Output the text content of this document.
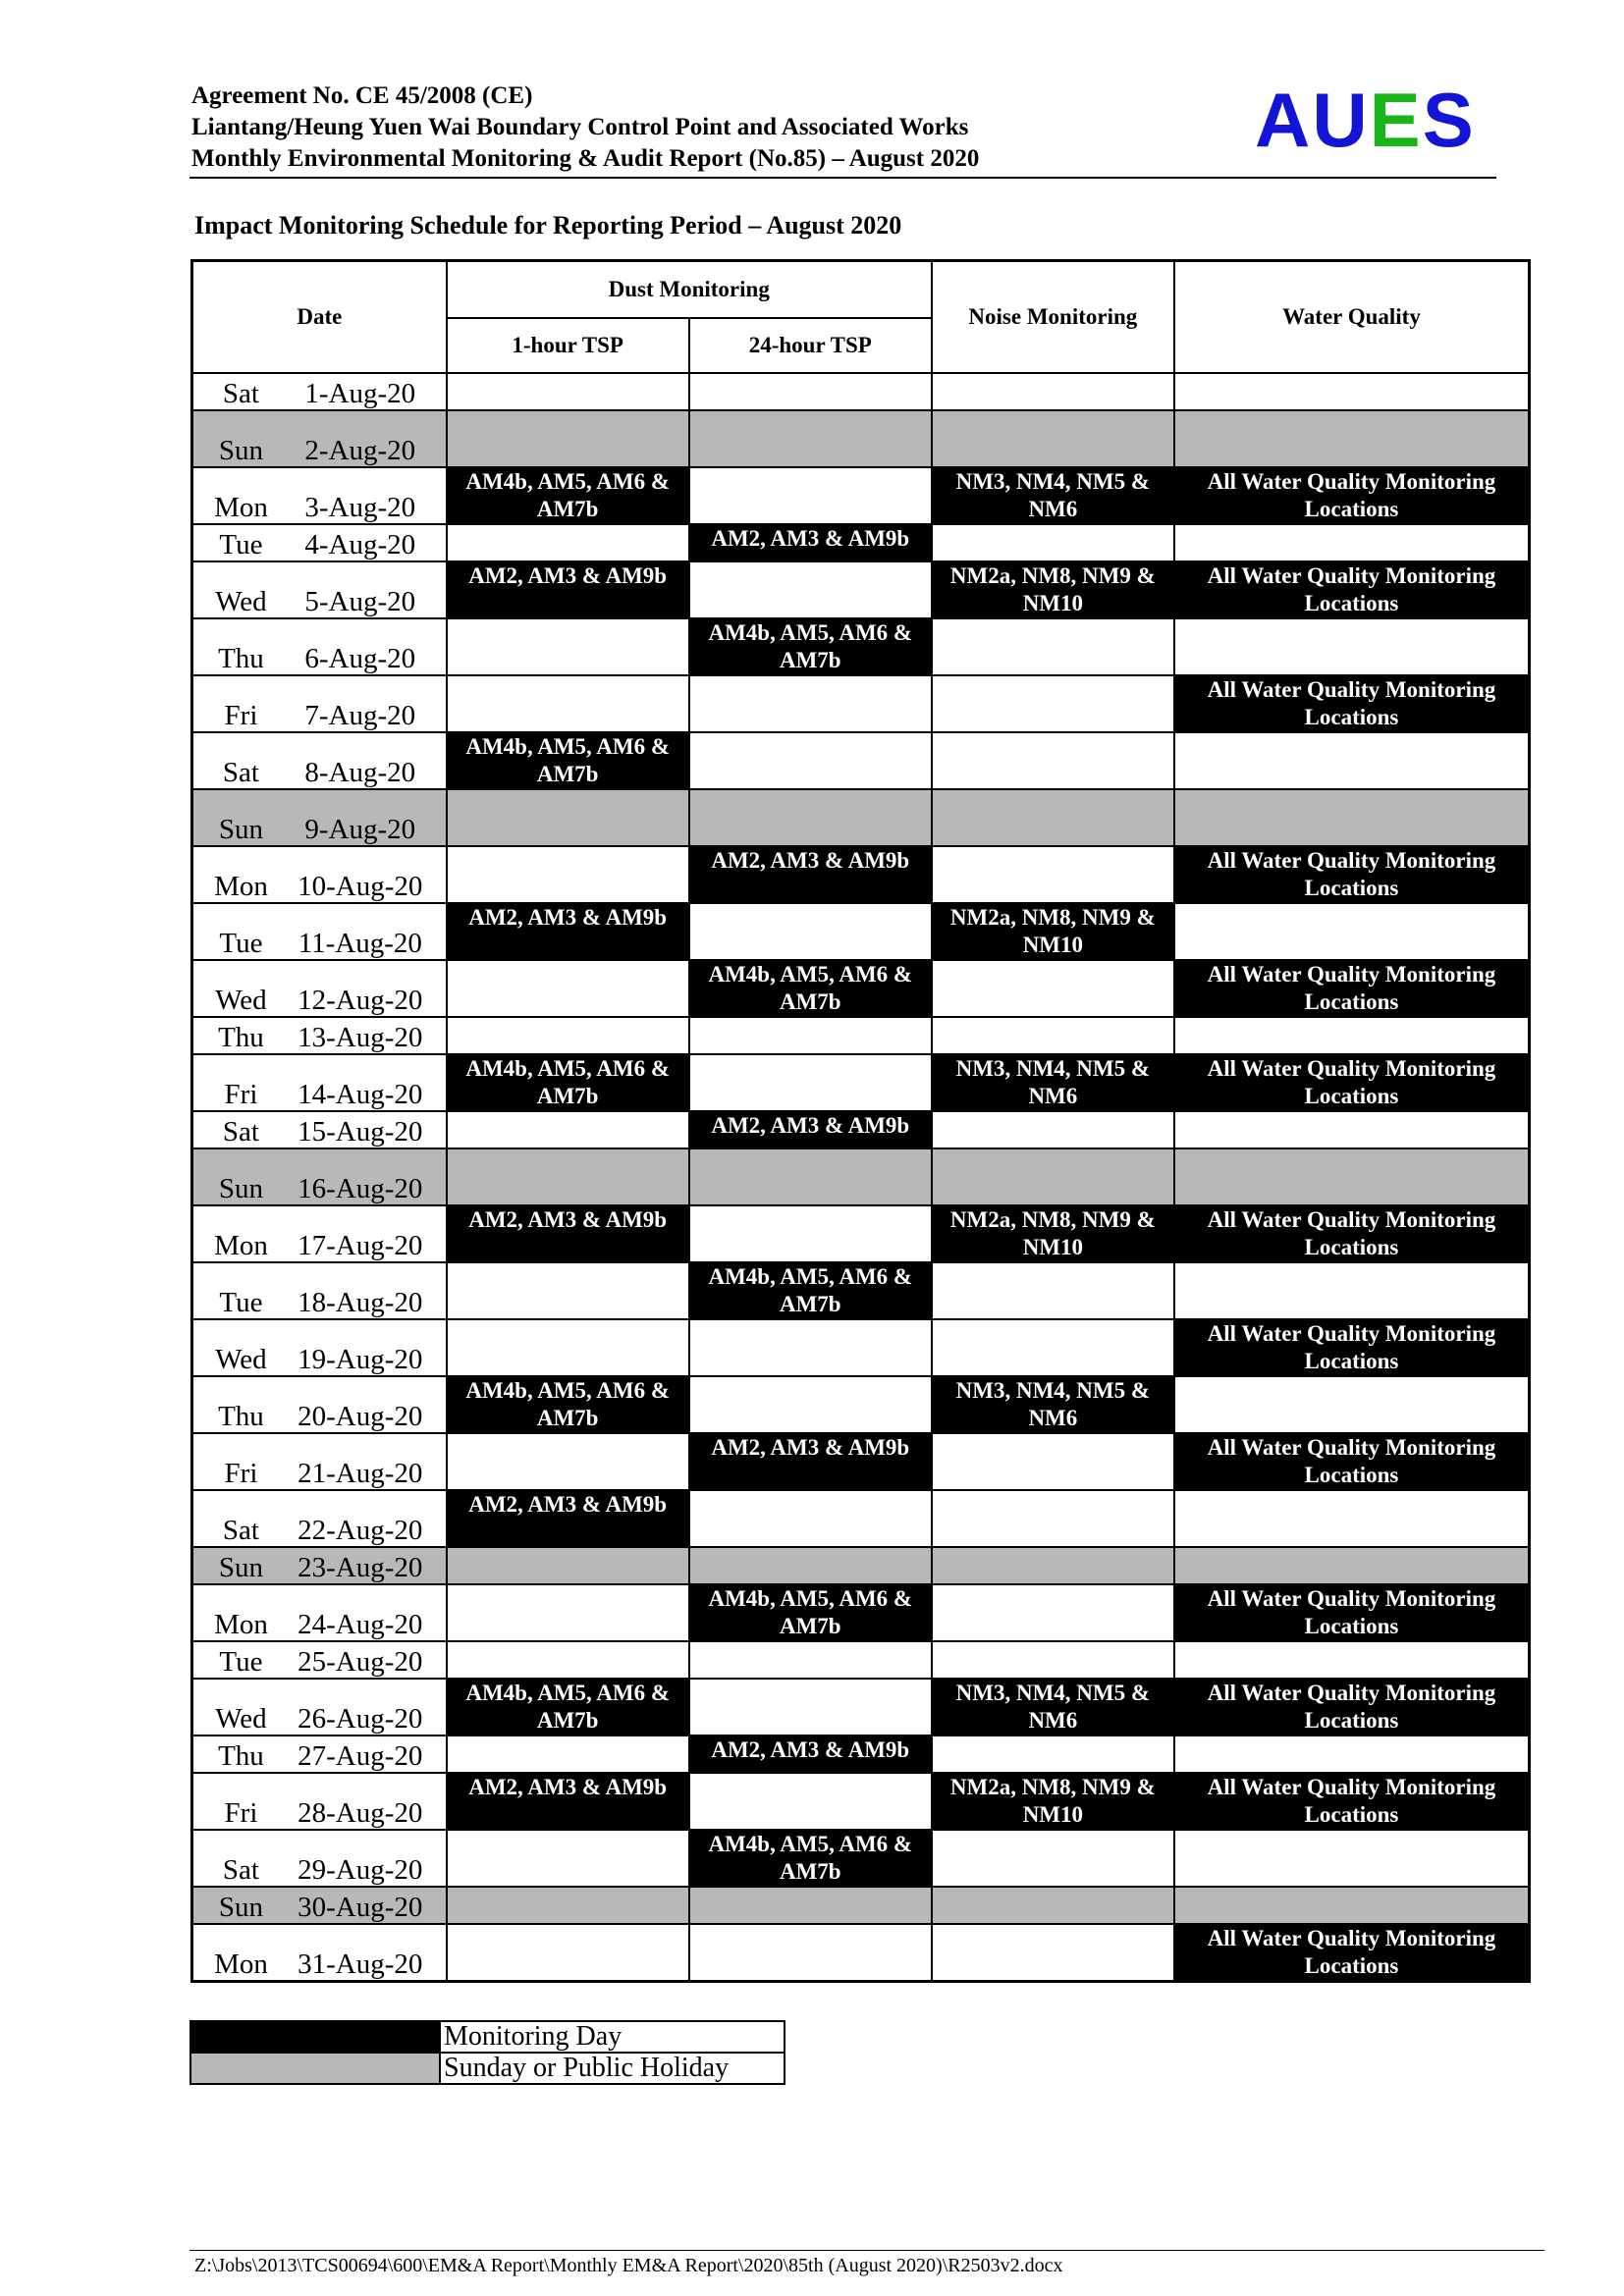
Agreement No. CE 45/2008 (CE)
Liantang/Heung Yuen Wai Boundary Control Point and Associated Works
Monthly Environmental Monitoring & Audit Report (No.85) – August 2020	AUES
Impact Monitoring Schedule for Reporting Period – August 2020
Date		Dust Monitoring		Noise Monitoring	Water Quality
		1-hour TSP	24-hour TSP		
Sat	1-Aug-20				
Sun	2-Aug-20				
Mon	3-Aug-20	AM4b, AM5, AM6 & AM7b		NM3, NM4, NM5 & NM6	All Water Quality Monitoring Locations
Tue	4-Aug-20		AM2, AM3 & AM9b		
Wed	5-Aug-20	AM2, AM3 & AM9b		NM2a, NM8, NM9 & NM10	All Water Quality Monitoring Locations
Thu	6-Aug-20		AM4b, AM5, AM6 & AM7b		
Fri	7-Aug-20				All Water Quality Monitoring Locations
Sat	8-Aug-20	AM4b, AM5, AM6 & AM7b			
Sun	9-Aug-20				
Mon	10-Aug-20		AM2, AM3 & AM9b		All Water Quality Monitoring Locations
Tue	11-Aug-20	AM2, AM3 & AM9b		NM2a, NM8, NM9 & NM10	
Wed	12-Aug-20		AM4b, AM5, AM6 & AM7b		All Water Quality Monitoring Locations
Thu	13-Aug-20				
Fri	14-Aug-20	AM4b, AM5, AM6 & AM7b		NM3, NM4, NM5 & NM6	All Water Quality Monitoring Locations
Sat	15-Aug-20		AM2, AM3 & AM9b		
Sun	16-Aug-20				
Mon	17-Aug-20	AM2, AM3 & AM9b		NM2a, NM8, NM9 & NM10	All Water Quality Monitoring Locations
Tue	18-Aug-20		AM4b, AM5, AM6 & AM7b		
Wed	19-Aug-20				All Water Quality Monitoring Locations
Thu	20-Aug-20	AM4b, AM5, AM6 & AM7b		NM3, NM4, NM5 & NM6	
Fri	21-Aug-20		AM2, AM3 & AM9b		All Water Quality Monitoring Locations
Sat	22-Aug-20	AM2, AM3 & AM9b			
Sun	23-Aug-20				
Mon	24-Aug-20		AM4b, AM5, AM6 & AM7b		All Water Quality Monitoring Locations
Tue	25-Aug-20				
Wed	26-Aug-20	AM4b, AM5, AM6 & AM7b		NM3, NM4, NM5 & NM6	All Water Quality Monitoring Locations
Thu	27-Aug-20		AM2, AM3 & AM9b		
Fri	28-Aug-20	AM2, AM3 & AM9b		NM2a, NM8, NM9 & NM10	All Water Quality Monitoring Locations
Sat	29-Aug-20		AM4b, AM5, AM6 & AM7b		
Sun	30-Aug-20				
Mon	31-Aug-20				All Water Quality Monitoring Locations
	Monitoring Day
	Sunday or Public Holiday
Z:\Jobs\2013\TCS00694\600\EM&A Report\Monthly EM&A Report\2020\85th (August 2020)\R2503v2.docx
